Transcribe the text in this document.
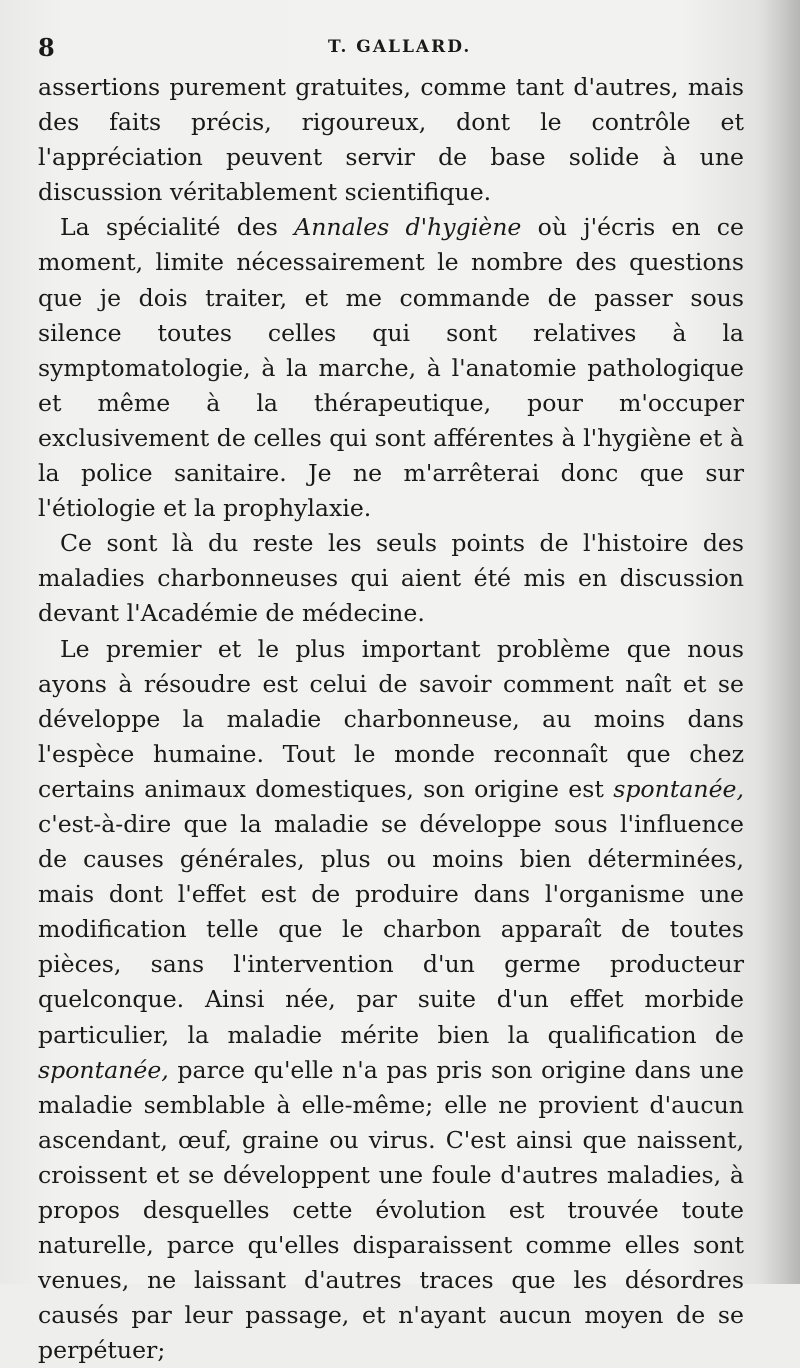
8	T. GALLARD.

assertions purement gratuites, comme tant d'autres, mais des faits précis, rigoureux, dont le contrôle et l'appréciation peuvent servir de base solide à une discussion véritablement scientifique.

La spécialité des Annales d'hygiène où j'écris en ce moment, limite nécessairement le nombre des questions que je dois traiter, et me commande de passer sous silence toutes celles qui sont relatives à la symptomatologie, à la marche, à l'anatomie pathologique et même à la thérapeutique, pour m'occuper exclusivement de celles qui sont afférentes à l'hygiène et à la police sanitaire. Je ne m'arrêterai donc que sur l'étiologie et la prophylaxie.

Ce sont là du reste les seuls points de l'histoire des maladies charbonneuses qui aient été mis en discussion devant l'Académie de médecine.

Le premier et le plus important problème que nous ayons à résoudre est celui de savoir comment naît et se développe la maladie charbonneuse, au moins dans l'espèce humaine. Tout le monde reconnaît que chez certains animaux domestiques, son origine est spontanée, c'est-à-dire que la maladie se développe sous l'influence de causes générales, plus ou moins bien déterminées, mais dont l'effet est de produire dans l'organisme une modification telle que le charbon apparaît de toutes pièces, sans l'intervention d'un germe producteur quelconque. Ainsi née, par suite d'un effet morbide particulier, la maladie mérite bien la qualification de spontanée, parce qu'elle n'a pas pris son origine dans une maladie semblable à elle-même; elle ne provient d'aucun ascendant, œuf, graine ou virus. C'est ainsi que naissent, croissent et se développent une foule d'autres maladies, à propos desquelles cette évolution est trouvée toute naturelle, parce qu'elles disparaissent comme elles sont venues, ne laissant d'autres traces que les désordres causés par leur passage, et n'ayant aucun moyen de se perpétuer;
